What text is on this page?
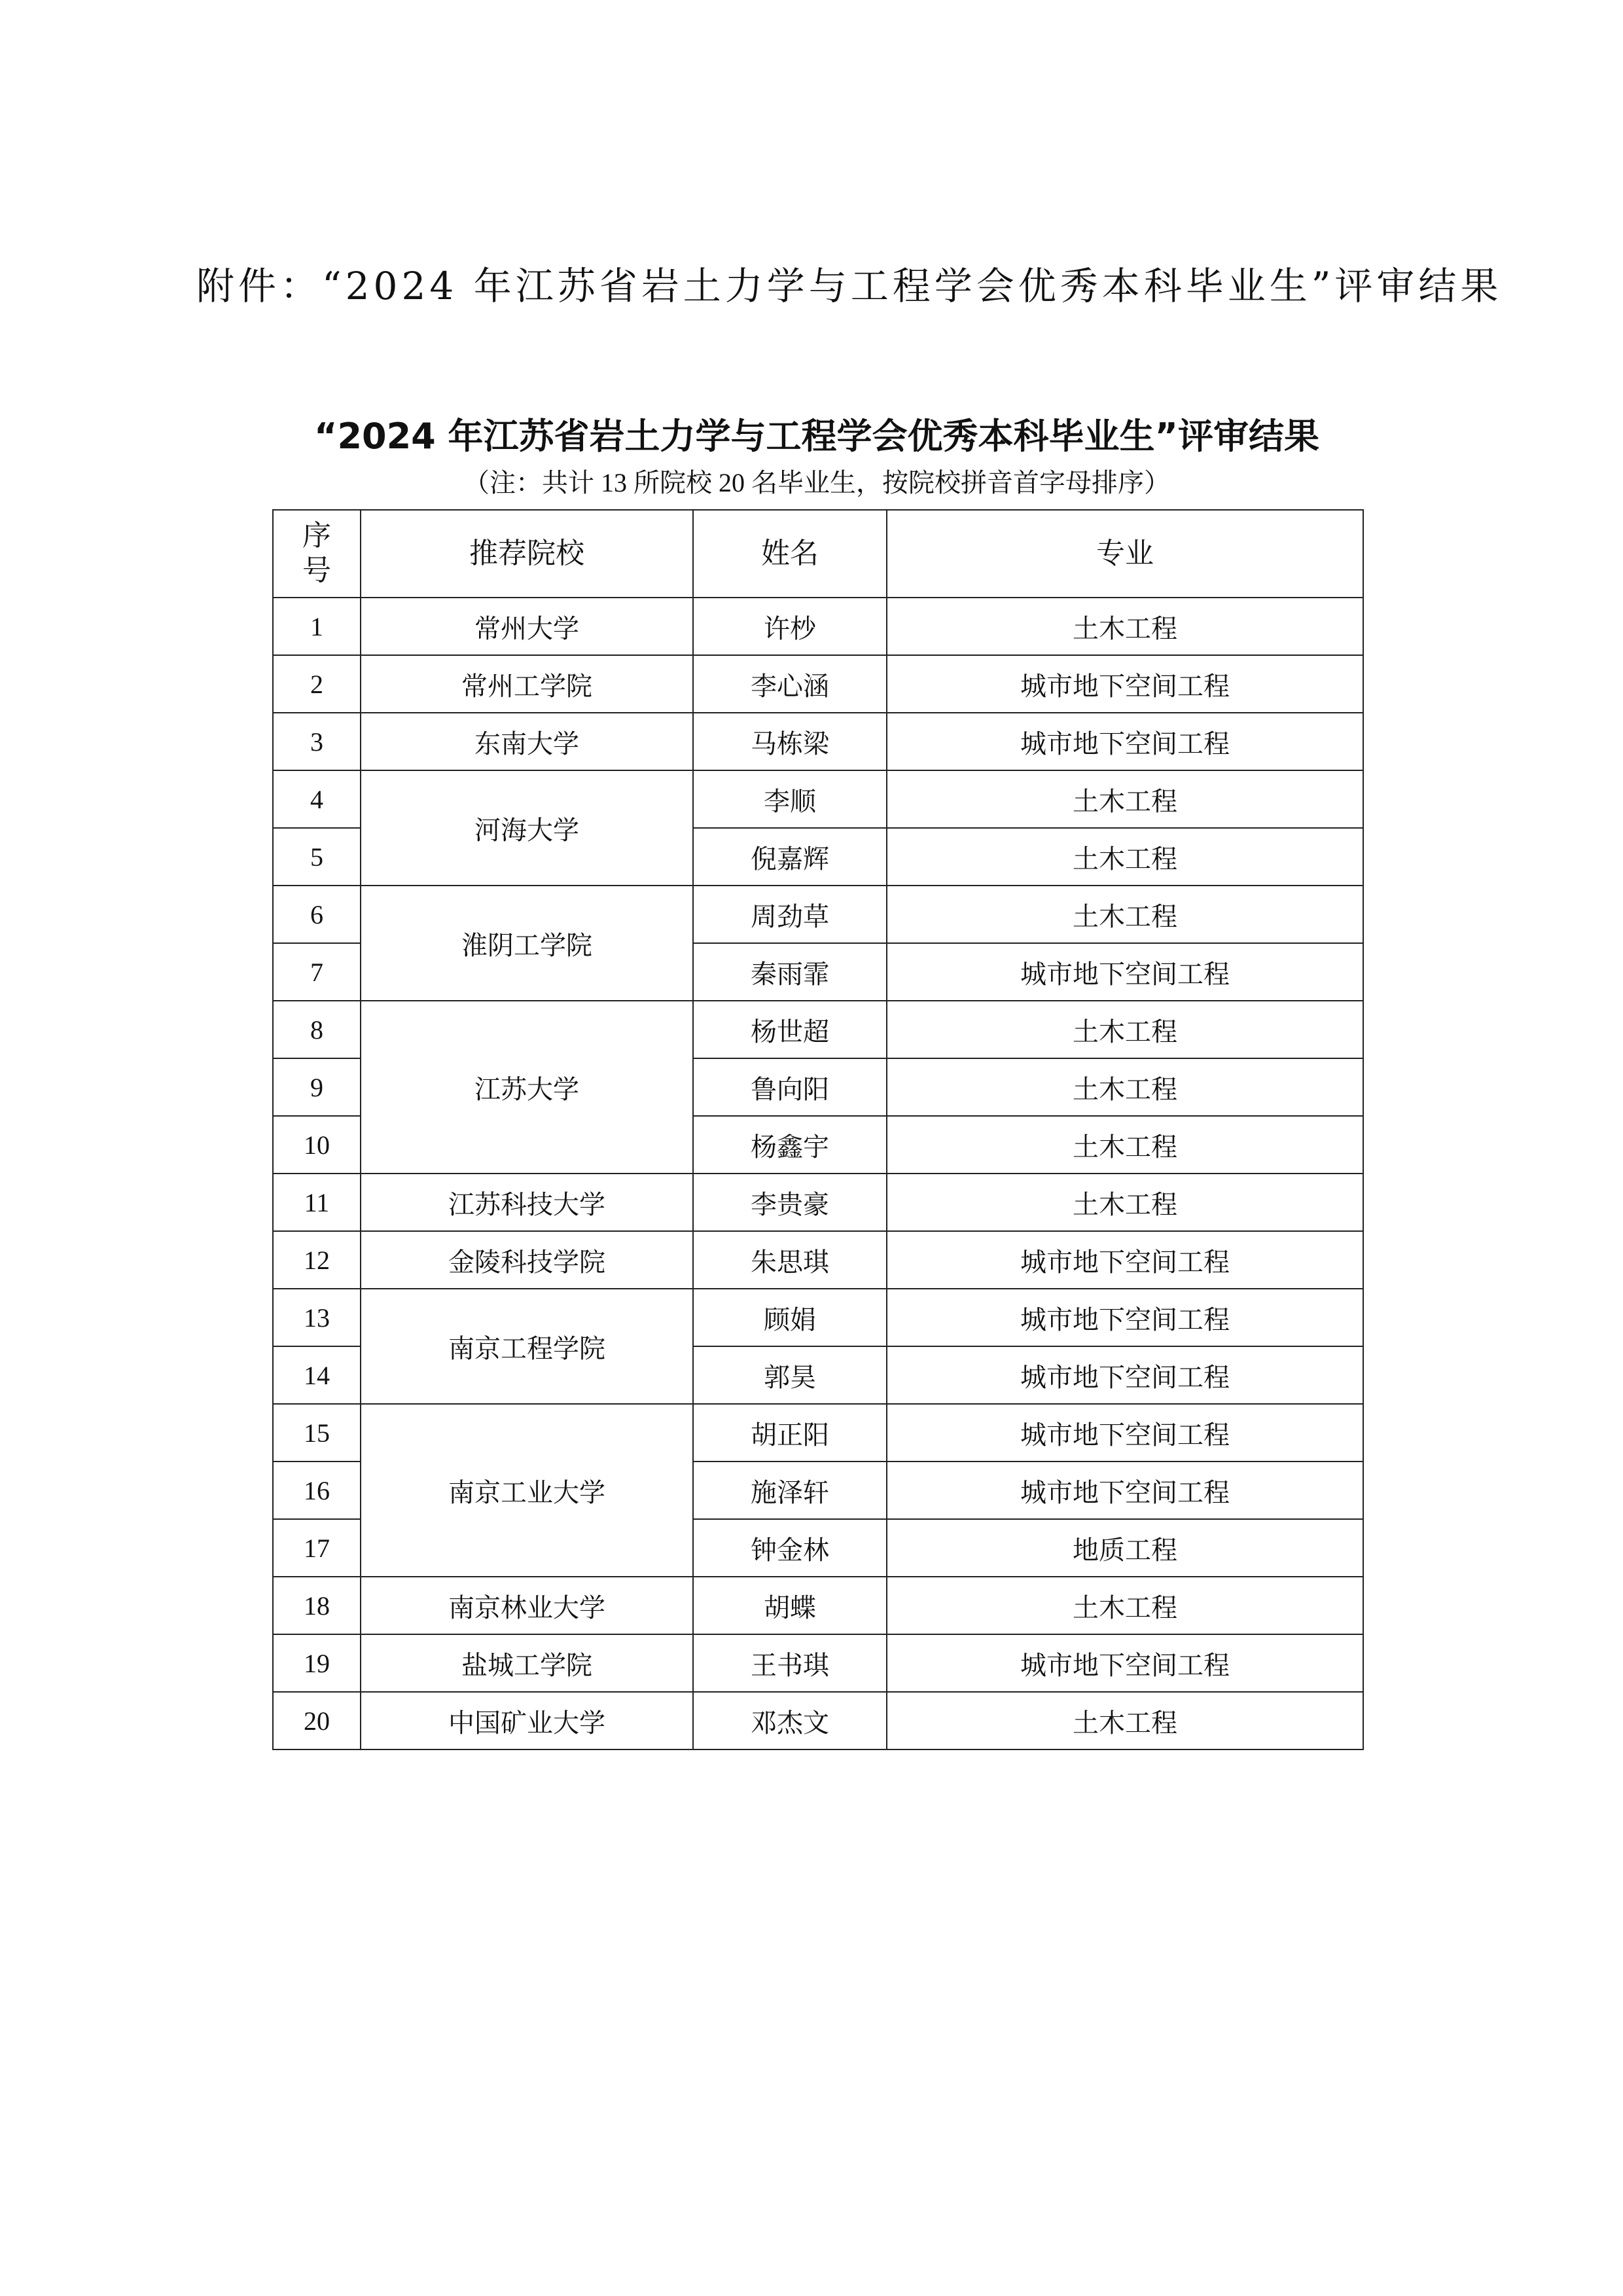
附件：“2024 年江苏省岩土力学与工程学会优秀本科毕业生”评审结果
“2024 年江苏省岩土力学与工程学会优秀本科毕业生”评审结果
（注：共计 13 所院校 20 名毕业生，按院校拼音首字母排序）
序
号	推荐院校	姓名	专业
1	常州大学	许杪	土木工程
2	常州工学院	李心涵	城市地下空间工程
3	东南大学	马栋梁	城市地下空间工程
4	河海大学	李顺	土木工程
5		倪嘉辉	土木工程
6	淮阴工学院	周劲草	土木工程
7		秦雨霏	城市地下空间工程
8	江苏大学	杨世超	土木工程
9		鲁向阳	土木工程
10		杨鑫宇	土木工程
11	江苏科技大学	李贵豪	土木工程
12	金陵科技学院	朱思琪	城市地下空间工程
13	南京工程学院	顾娟	城市地下空间工程
14		郭昊	城市地下空间工程
15	南京工业大学	胡正阳	城市地下空间工程
16		施泽轩	城市地下空间工程
17		钟金林	地质工程
18	南京林业大学	胡蝶	土木工程
19	盐城工学院	王书琪	城市地下空间工程
20	中国矿业大学	邓杰文	土木工程
